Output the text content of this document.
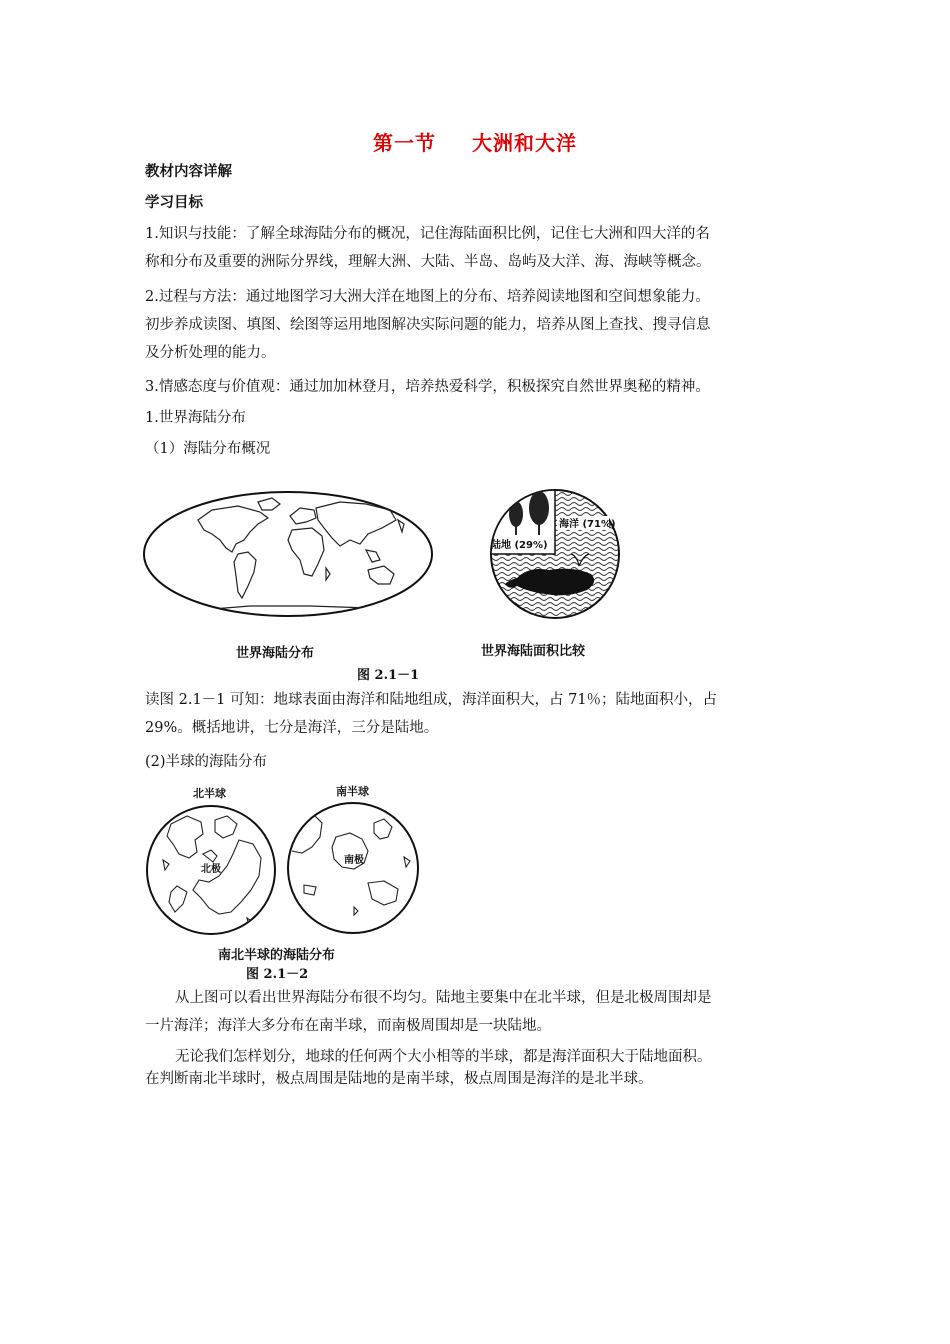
第一节 大洲和大洋
教材内容详解
学习目标
1.知识与技能：了解全球海陆分布的概况，记住海陆面积比例，记住七大洲和四大洋的名
称和分布及重要的洲际分界线，理解大洲、大陆、半岛、岛屿及大洋、海、海峡等概念。
2.过程与方法：通过地图学习大洲大洋在地图上的分布、培养阅读地图和空间想象能力。
初步养成读图、填图、绘图等运用地图解决实际问题的能力，培养从图上查找、搜寻信息
及分析处理的能力。
3.情感态度与价值观：通过加加林登月，培养热爱科学，积极探究自然世界奥秘的精神。
1.世界海陆分布
（1）海陆分布概况
陆地 (29%)
海洋 (71%)
世界海陆分布	世界海陆面积比较
图 2.1－1
读图 2.1－1 可知：地球表面由海洋和陆地组成，海洋面积大，占 71％；陆地面积小，占
29%。概括地讲，七分是海洋，三分是陆地。
(2)半球的海陆分布
北半球	南半球
北极
南极
南北半球的海陆分布
图 2.1－2
从上图可以看出世界海陆分布很不均匀。陆地主要集中在北半球，但是北极周围却是
一片海洋；海洋大多分布在南半球，而南极周围却是一块陆地。
无论我们怎样划分，地球的任何两个大小相等的半球，都是海洋面积大于陆地面积。
在判断南北半球时，极点周围是陆地的是南半球，极点周围是海洋的是北半球。
